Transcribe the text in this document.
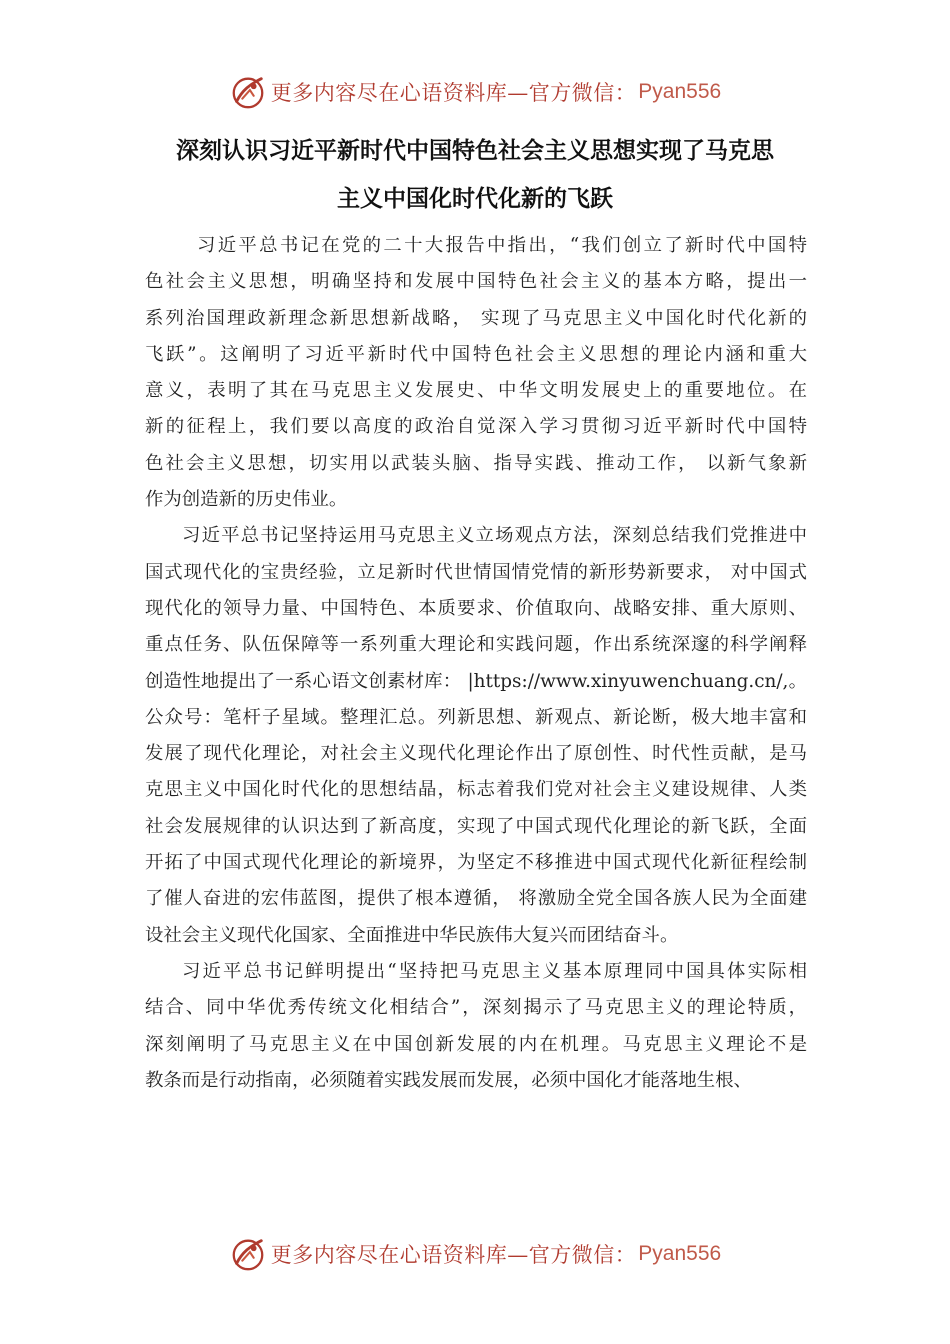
更多内容尽在心语资料库—官方微信： Pyan556
深刻认识习近平新时代中国特色社会主义思想实现了马克思
主义中国化时代化新的飞跃
习近平总书记在党的二十大报告中指出，“我们创立了新时代中国特
色社会主义思想，明确坚持和发展中国特色社会主义的基本方略，提出一
系列治国理政新理念新思想新战略， 实现了马克思主义中国化时代化新的
飞跃”。这阐明了习近平新时代中国特色社会主义思想的理论内涵和重大
意义，表明了其在马克思主义发展史、中华文明发展史上的重要地位。在
新的征程上，我们要以高度的政治自觉深入学习贯彻习近平新时代中国特
色社会主义思想，切实用以武装头脑、指导实践、推动工作， 以新气象新
作为创造新的历史伟业。
习近平总书记坚持运用马克思主义立场观点方法，深刻总结我们党推进中
国式现代化的宝贵经验，立足新时代世情国情党情的新形势新要求， 对中国式
现代化的领导力量、中国特色、本质要求、价值取向、战略安排、重大原则、
重点任务、队伍保障等一系列重大理论和实践问题，作出系统深邃的科学阐释
创造性地提出了一系心语文创素材库： |https://www.xinyuwenchuang.cn/,。
公众号：笔杆子星域。整理汇总。列新思想、新观点、新论断，极大地丰富和
发展了现代化理论，对社会主义现代化理论作出了原创性、时代性贡献，是马
克思主义中国化时代化的思想结晶，标志着我们党对社会主义建设规律、人类
社会发展规律的认识达到了新高度，实现了中国式现代化理论的新飞跃，全面
开拓了中国式现代化理论的新境界，为坚定不移推进中国式现代化新征程绘制
了催人奋进的宏伟蓝图，提供了根本遵循， 将激励全党全国各族人民为全面建
设社会主义现代化国家、全面推进中华民族伟大复兴而团结奋斗。
习近平总书记鲜明提出“坚持把马克思主义基本原理同中国具体实际相
结合、同中华优秀传统文化相结合”，深刻揭示了马克思主义的理论特质，
深刻阐明了马克思主义在中国创新发展的内在机理。马克思主义理论不是
教条而是行动指南，必须随着实践发展而发展，必须中国化才能落地生根、
更多内容尽在心语资料库—官方微信： Pyan556
